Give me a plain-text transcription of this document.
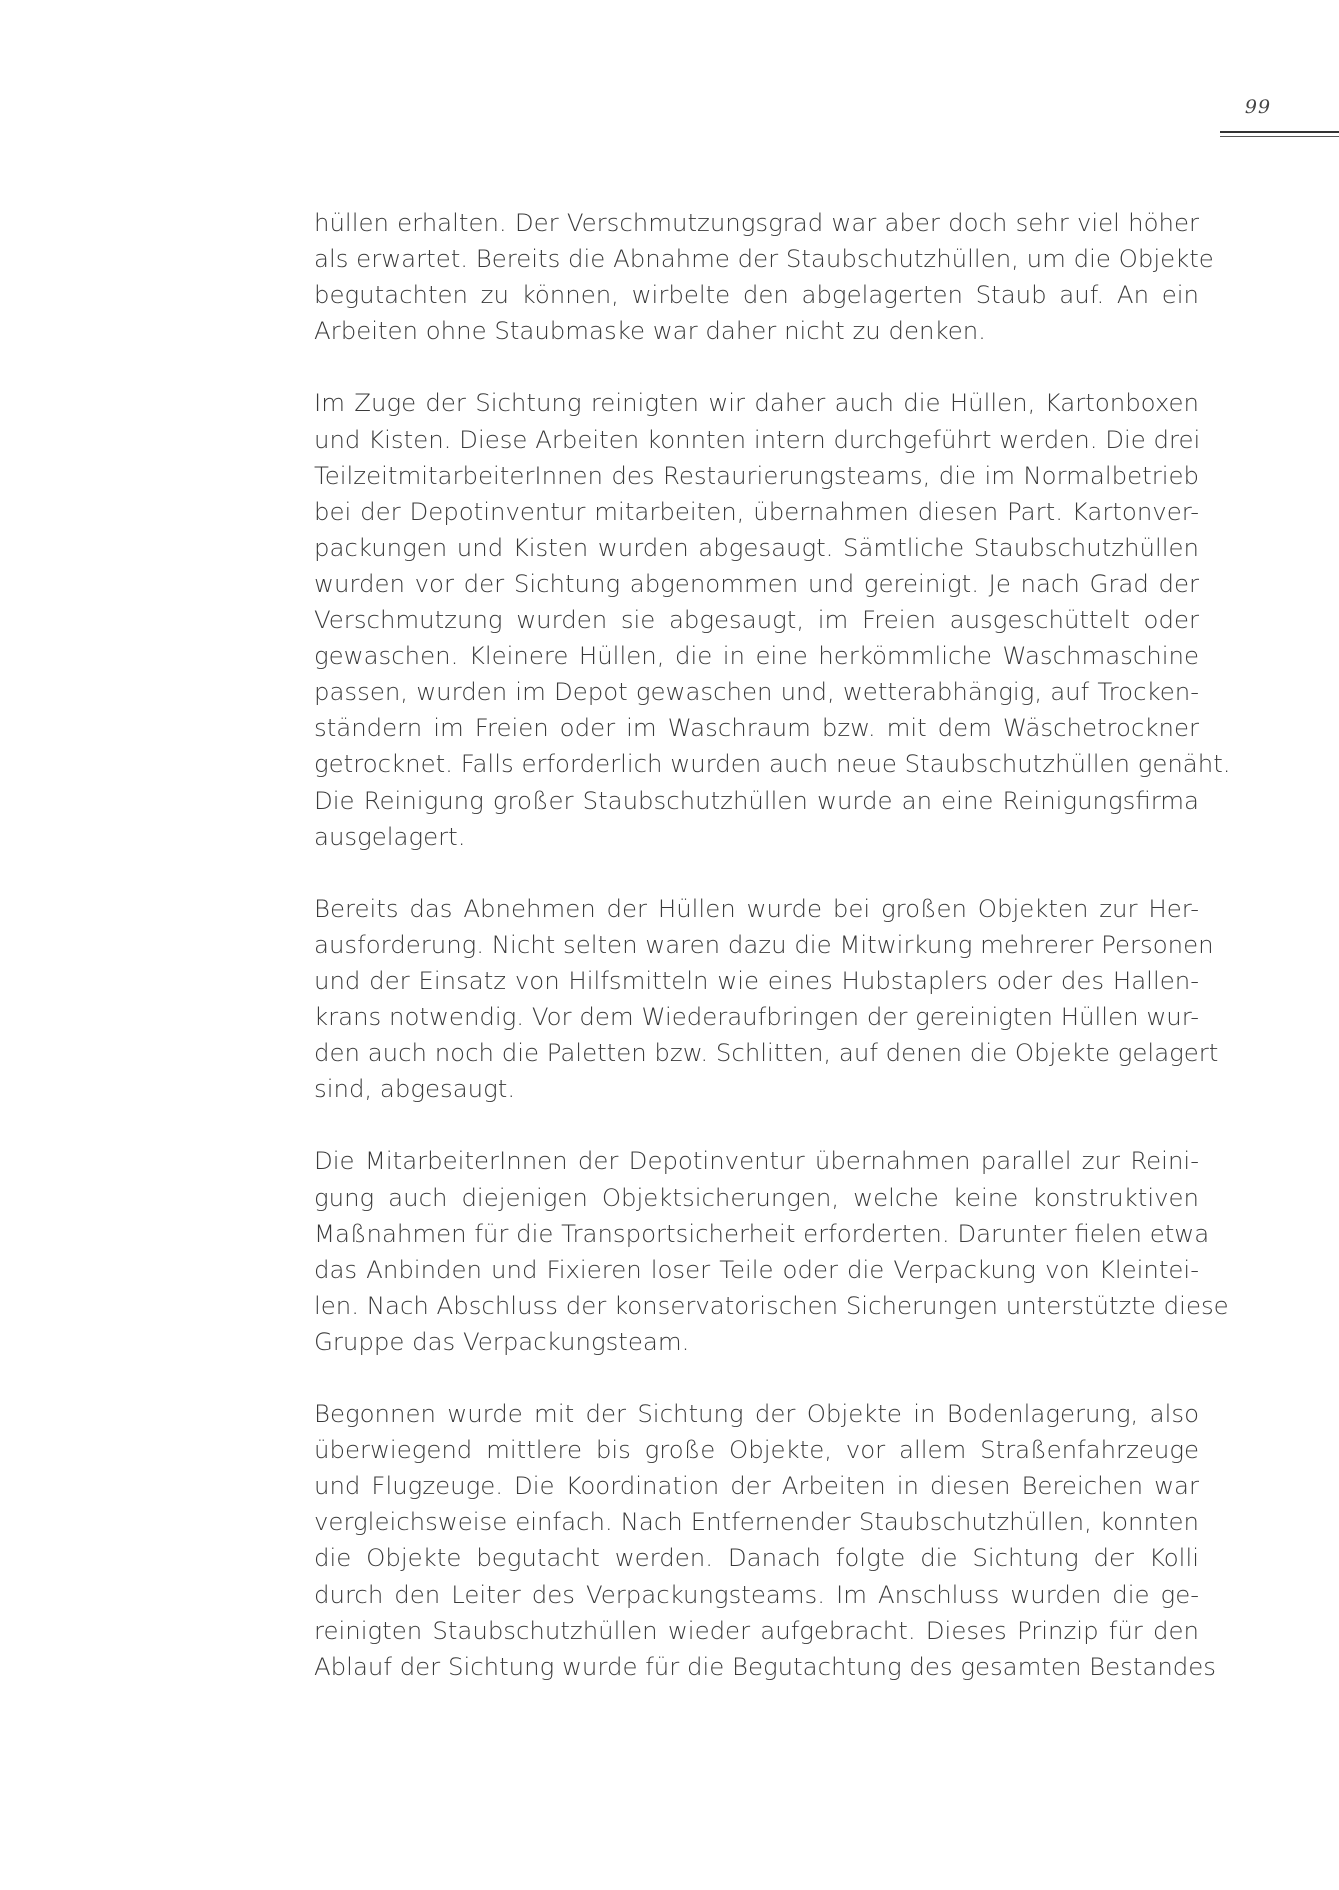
99
hüllen erhalten. Der Verschmutzungsgrad war aber doch sehr viel höher
als erwartet. Bereits die Abnahme der Staubschutzhüllen, um die Objekte
begutachten zu können, wirbelte den abgelagerten Staub auf. An ein
Arbeiten ohne Staubmaske war daher nicht zu denken.
Im Zuge der Sichtung reinigten wir daher auch die Hüllen, Kartonboxen
und Kisten. Diese Arbeiten konnten intern durchgeführt werden. Die drei
TeilzeitmitarbeiterInnen des Restaurierungsteams, die im Normalbetrieb
bei der Depotinventur mitarbeiten, übernahmen diesen Part. Kartonver-
packungen und Kisten wurden abgesaugt. Sämtliche Staubschutzhüllen
wurden vor der Sichtung abgenommen und gereinigt. Je nach Grad der
Verschmutzung wurden sie abgesaugt, im Freien ausgeschüttelt oder
gewaschen. Kleinere Hüllen, die in eine herkömmliche Waschmaschine
passen, wurden im Depot gewaschen und, wetterabhängig, auf Trocken-
ständern im Freien oder im Waschraum bzw. mit dem Wäschetrockner
getrocknet. Falls erforderlich wurden auch neue Staubschutzhüllen genäht.
Die Reinigung großer Staubschutzhüllen wurde an eine Reinigungsfirma
ausgelagert.
Bereits das Abnehmen der Hüllen wurde bei großen Objekten zur Her-
ausforderung. Nicht selten waren dazu die Mitwirkung mehrerer Personen
und der Einsatz von Hilfsmitteln wie eines Hubstaplers oder des Hallen-
krans notwendig. Vor dem Wiederaufbringen der gereinigten Hüllen wur-
den auch noch die Paletten bzw. Schlitten, auf denen die Objekte gelagert
sind, abgesaugt.
Die MitarbeiterInnen der Depotinventur übernahmen parallel zur Reini-
gung auch diejenigen Objektsicherungen, welche keine konstruktiven
Maßnahmen für die Transportsicherheit erforderten. Darunter fielen etwa
das Anbinden und Fixieren loser Teile oder die Verpackung von Kleintei-
len. Nach Abschluss der konservatorischen Sicherungen unterstützte diese
Gruppe das Verpackungsteam.
Begonnen wurde mit der Sichtung der Objekte in Bodenlagerung, also
überwiegend mittlere bis große Objekte, vor allem Straßenfahrzeuge
und Flugzeuge. Die Koordination der Arbeiten in diesen Bereichen war
vergleichsweise einfach. Nach Entfernender Staubschutzhüllen, konnten
die Objekte begutacht werden. Danach folgte die Sichtung der Kolli
durch den Leiter des Verpackungsteams. Im Anschluss wurden die ge-
reinigten Staubschutzhüllen wieder aufgebracht. Dieses Prinzip für den
Ablauf der Sichtung wurde für die Begutachtung des gesamten Bestandes
